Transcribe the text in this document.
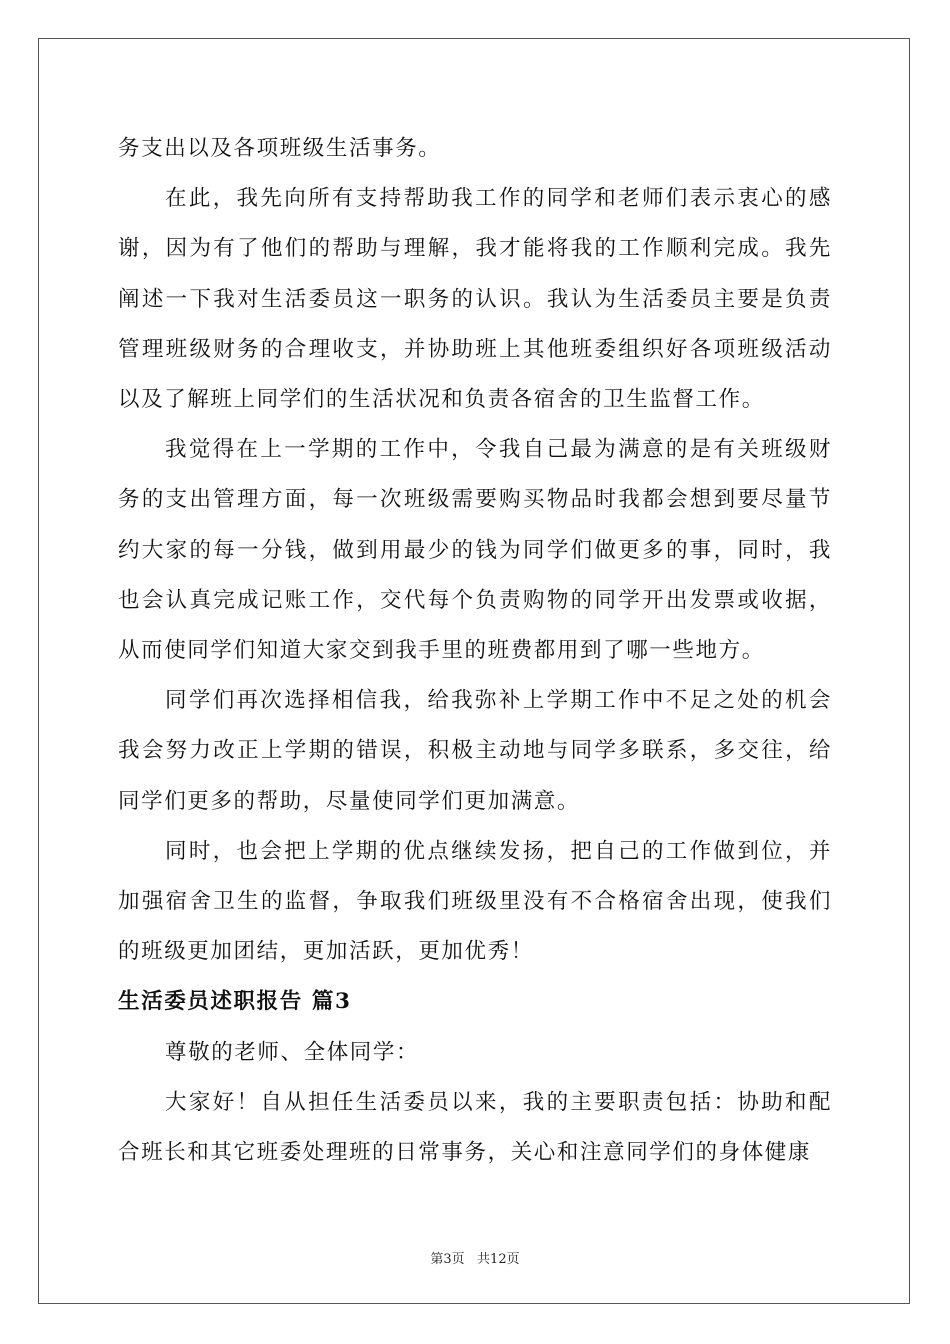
务支出以及各项班级生活事务。

在此，我先向所有支持帮助我工作的同学和老师们表示衷心的感谢，因为有了他们的帮助与理解，我才能将我的工作顺利完成。我先阐述一下我对生活委员这一职务的认识。我认为生活委员主要是负责管理班级财务的合理收支，并协助班上其他班委组织好各项班级活动以及了解班上同学们的生活状况和负责各宿舍的卫生监督工作。

我觉得在上一学期的工作中，令我自己最为满意的是有关班级财务的支出管理方面，每一次班级需要购买物品时我都会想到要尽量节约大家的每一分钱，做到用最少的钱为同学们做更多的事，同时，我也会认真完成记账工作，交代每个负责购物的同学开出发票或收据，从而使同学们知道大家交到我手里的班费都用到了哪一些地方。

同学们再次选择相信我，给我弥补上学期工作中不足之处的机会我会努力改正上学期的错误，积极主动地与同学多联系，多交往，给同学们更多的帮助，尽量使同学们更加满意。

同时，也会把上学期的优点继续发扬，把自己的工作做到位，并加强宿舍卫生的监督，争取我们班级里没有不合格宿舍出现，使我们的班级更加团结，更加活跃，更加优秀！

生活委员述职报告 篇3

尊敬的老师、全体同学：

大家好！自从担任生活委员以来，我的主要职责包括：协助和配合班长和其它班委处理班的日常事务，关心和注意同学们的身体健康

第3页   共12页
